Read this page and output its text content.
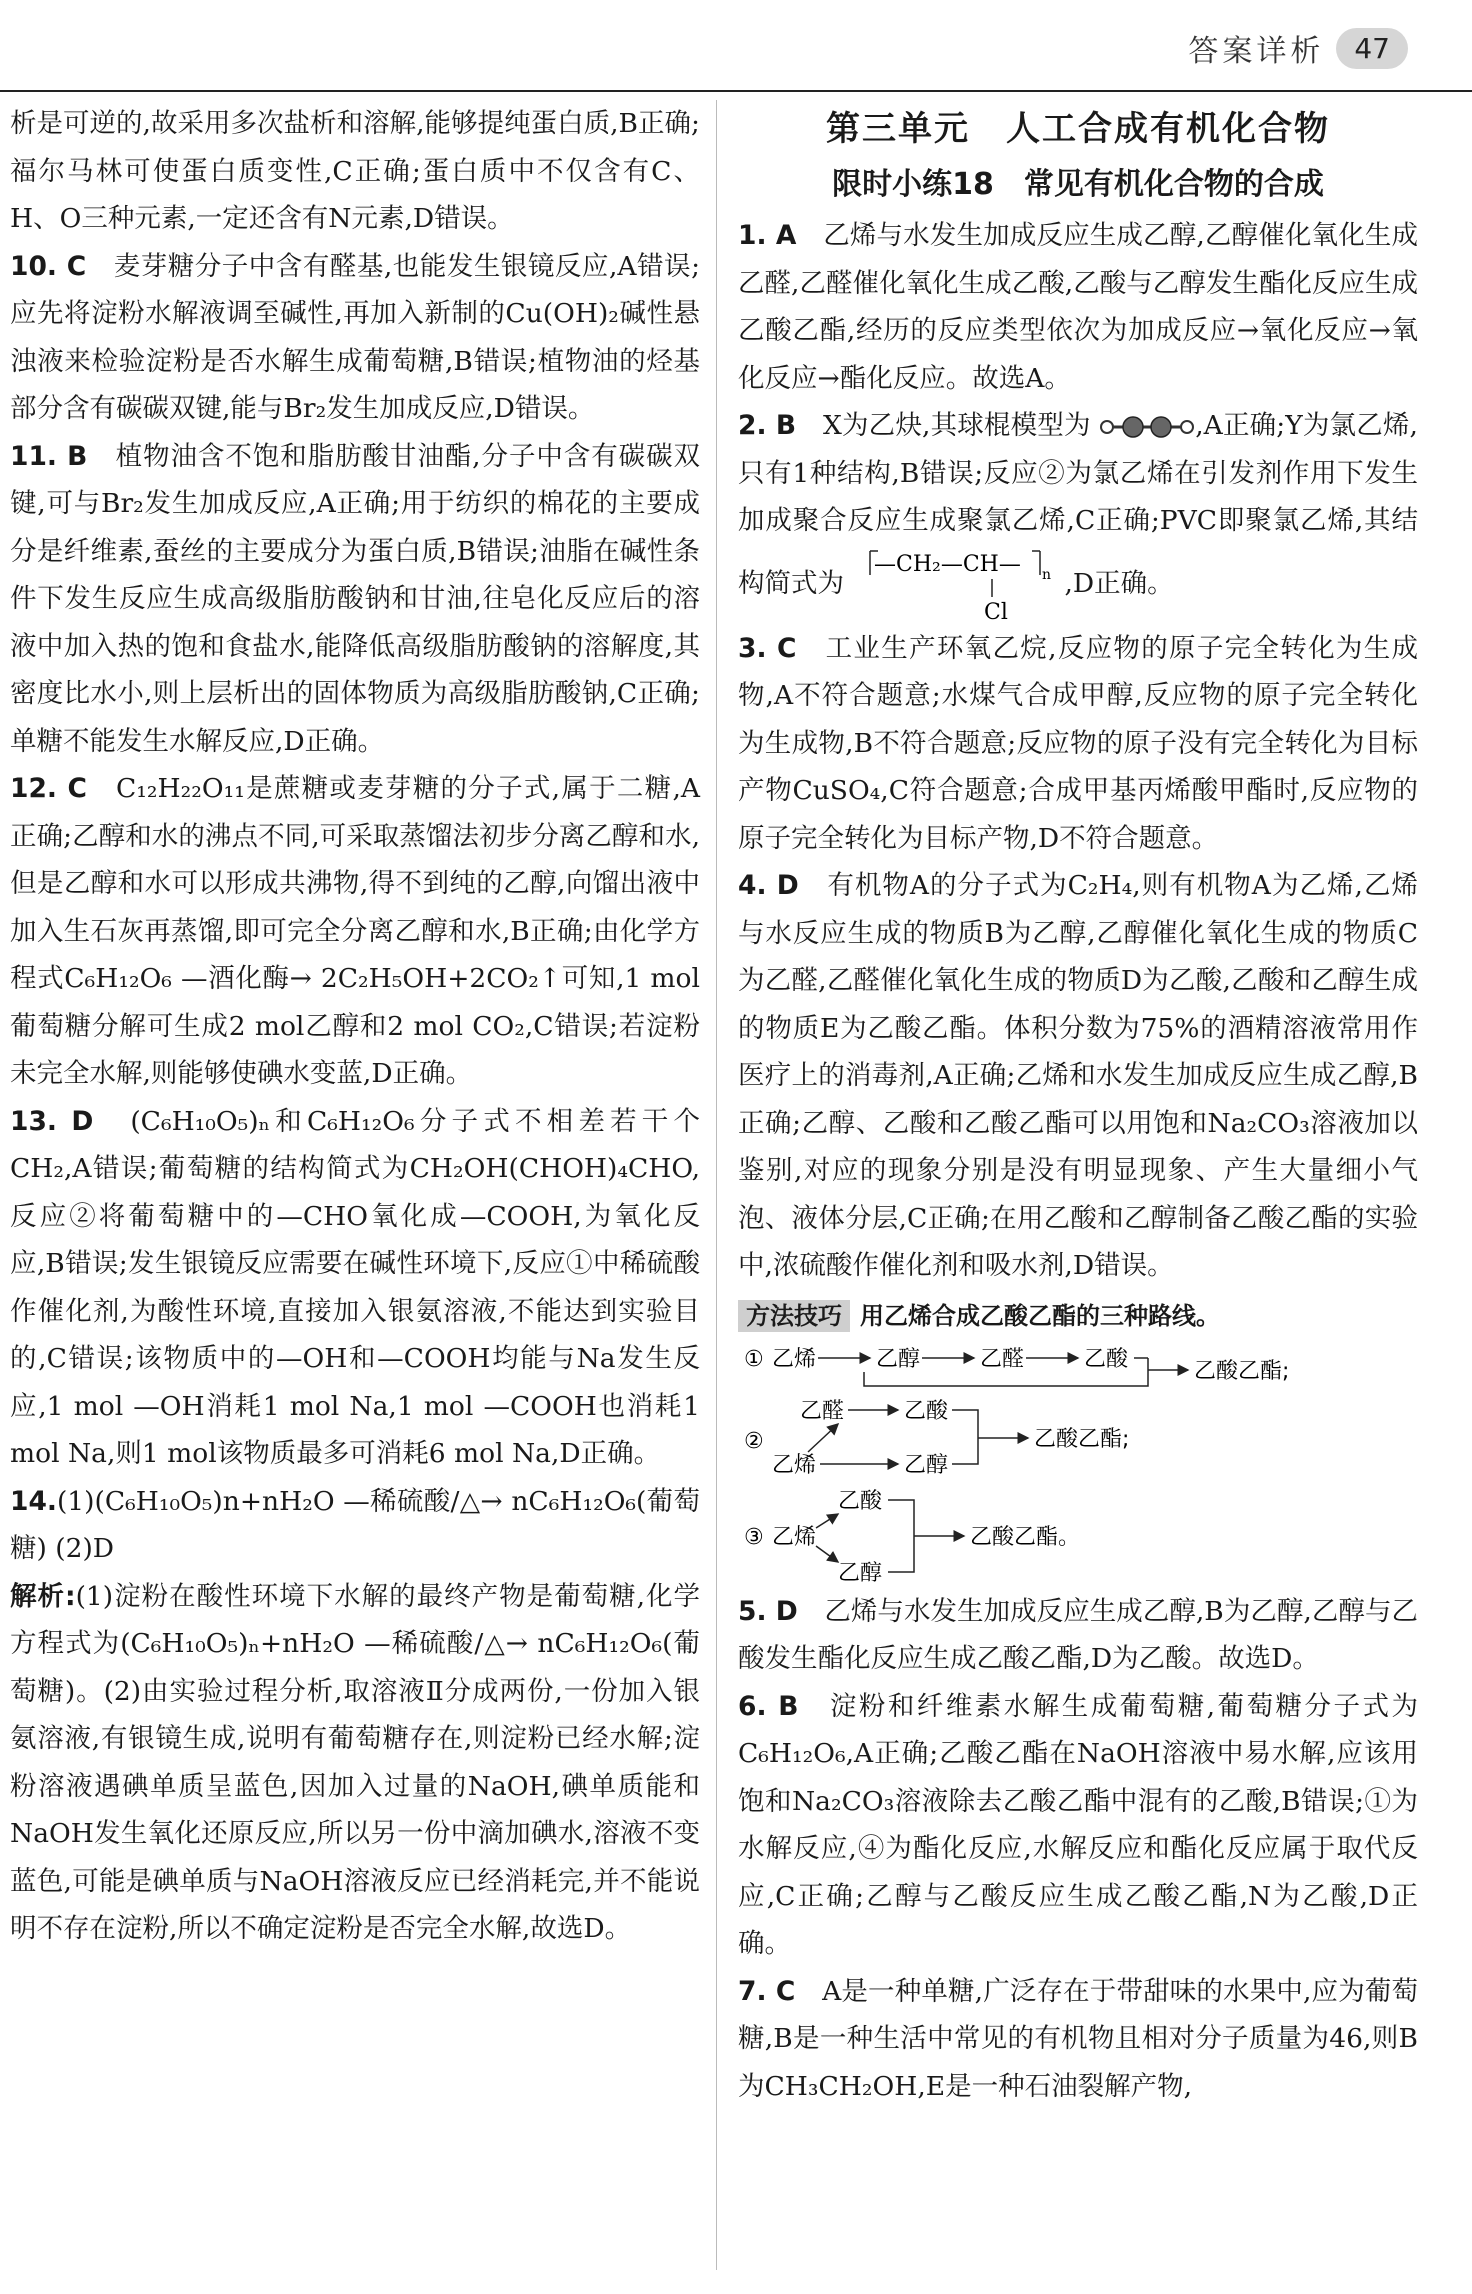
答案详析	47

析是可逆的,故采用多次盐析和溶解,能够提纯蛋白质,B正确;福尔马林可使蛋白质变性,C正确;蛋白质中不仅含有C、H、O三种元素,一定还含有N元素,D错误。

10. C　 麦芽糖分子中含有醛基,也能发生银镜反应,A错误;应先将淀粉水解液调至碱性,再加入新制的Cu(OH)₂碱性悬浊液来检验淀粉是否水解生成葡萄糖,B错误;植物油的烃基部分含有碳碳双键,能与Br₂发生加成反应,D错误。

11. B　 植物油含不饱和脂肪酸甘油酯,分子中含有碳碳双键,可与Br₂发生加成反应,A正确;用于纺织的棉花的主要成分是纤维素,蚕丝的主要成分为蛋白质,B错误;油脂在碱性条件下发生反应生成高级脂肪酸钠和甘油,往皂化反应后的溶液中加入热的饱和食盐水,能降低高级脂肪酸钠的溶解度,其密度比水小,则上层析出的固体物质为高级脂肪酸钠,C正确;单糖不能发生水解反应,D正确。

12. C　 C₁₂H₂₂O₁₁是蔗糖或麦芽糖的分子式,属于二糖,A正确;乙醇和水的沸点不同,可采取蒸馏法初步分离乙醇和水,但是乙醇和水可以形成共沸物,得不到纯的乙醇,向馏出液中加入生石灰再蒸馏,即可完全分离乙醇和水,B正确;由化学方程式C₆H₁₂O₆ —酒化酶→ 2C₂H₅OH+2CO₂↑可知,1 mol葡萄糖分解可生成2 mol乙醇和2 mol CO₂,C错误;若淀粉未完全水解,则能够使碘水变蓝,D正确。

13. D　 (C₆H₁₀O₅)ₙ和C₆H₁₂O₆分子式不相差若干个CH₂,A错误;葡萄糖的结构简式为CH₂OH(CHOH)₄CHO,反应②将葡萄糖中的—CHO氧化成—COOH,为氧化反应,B错误;发生银镜反应需要在碱性环境下,反应①中稀硫酸作催化剂,为酸性环境,直接加入银氨溶液,不能达到实验目的,C错误;该物质中的—OH和—COOH均能与Na发生反应,1 mol —OH消耗1 mol Na,1 mol —COOH也消耗1 mol Na,则1 mol该物质最多可消耗6 mol Na,D正确。

14.(1)(C₆H₁₀O₅)n+nH₂O —稀硫酸/△→ nC₆H₁₂O₆(葡萄糖) (2)D

解析:(1)淀粉在酸性环境下水解的最终产物是葡萄糖,化学方程式为(C₆H₁₀O₅)ₙ+nH₂O —稀硫酸/△→ nC₆H₁₂O₆(葡萄糖)。(2)由实验过程分析,取溶液Ⅱ分成两份,一份加入银氨溶液,有银镜生成,说明有葡萄糖存在,则淀粉已经水解;淀粉溶液遇碘单质呈蓝色,因加入过量的NaOH,碘单质能和NaOH发生氧化还原反应,所以另一份中滴加碘水,溶液不变蓝色,可能是碘单质与NaOH溶液反应已经消耗完,并不能说明不存在淀粉,所以不确定淀粉是否完全水解,故选D。

第三单元　人工合成有机化合物
限时小练18　常见有机化合物的合成

1. A　 乙烯与水发生加成反应生成乙醇,乙醇催化氧化生成乙醛,乙醛催化氧化生成乙酸,乙酸与乙醇发生酯化反应生成乙酸乙酯,经历的反应类型依次为加成反应→氧化反应→氧化反应→酯化反应。故选A。

2. B　 X为乙炔,其球棍模型为	,A正确;Y为氯乙烯,只有1种结构,B错误;反应②为氯乙烯在引发剂作用下发生加成聚合反应生成聚氯乙烯,C正确;PVC即聚氯乙烯,其结构简式为
—CH₂—CH— n
Cl
,D正确。

3. C　 工业生产环氧乙烷,反应物的原子完全转化为生成物,A不符合题意;水煤气合成甲醇,反应物的原子完全转化为生成物,B不符合题意;反应物的原子没有完全转化为目标产物CuSO₄,C符合题意;合成甲基丙烯酸甲酯时,反应物的原子完全转化为目标产物,D不符合题意。

4. D　 有机物A的分子式为C₂H₄,则有机物A为乙烯,乙烯与水反应生成的物质B为乙醇,乙醇催化氧化生成的物质C为乙醛,乙醛催化氧化生成的物质D为乙酸,乙酸和乙醇生成的物质E为乙酸乙酯。体积分数为75%的酒精溶液常用作医疗上的消毒剂,A正确;乙烯和水发生加成反应生成乙醇,B正确;乙醇、乙酸和乙酸乙酯可以用饱和Na₂CO₃溶液加以鉴别,对应的现象分别是没有明显现象、产生大量细小气泡、液体分层,C正确;在用乙酸和乙醇制备乙酸乙酯的实验中,浓硫酸作催化剂和吸水剂,D错误。

方法技巧 用乙烯合成乙酸乙酯的三种路线。
① 乙烯	乙醇	乙醛	乙酸	乙酸乙酯;
②
乙醛	乙酸
乙烯	乙醇
乙酸乙酯;
③ 乙烯
乙酸
乙醇
乙酸乙酯。

5. D　 乙烯与水发生加成反应生成乙醇,B为乙醇,乙醇与乙酸发生酯化反应生成乙酸乙酯,D为乙酸。故选D。

6. B　 淀粉和纤维素水解生成葡萄糖,葡萄糖分子式为C₆H₁₂O₆,A正确;乙酸乙酯在NaOH溶液中易水解,应该用饱和Na₂CO₃溶液除去乙酸乙酯中混有的乙酸,B错误;①为水解反应,④为酯化反应,水解反应和酯化反应属于取代反应,C正确;乙醇与乙酸反应生成乙酸乙酯,N为乙酸,D正确。

7. C　 A是一种单糖,广泛存在于带甜味的水果中,应为葡萄糖,B是一种生活中常见的有机物且相对分子质量为46,则B为CH₃CH₂OH,E是一种石油裂解产物,
